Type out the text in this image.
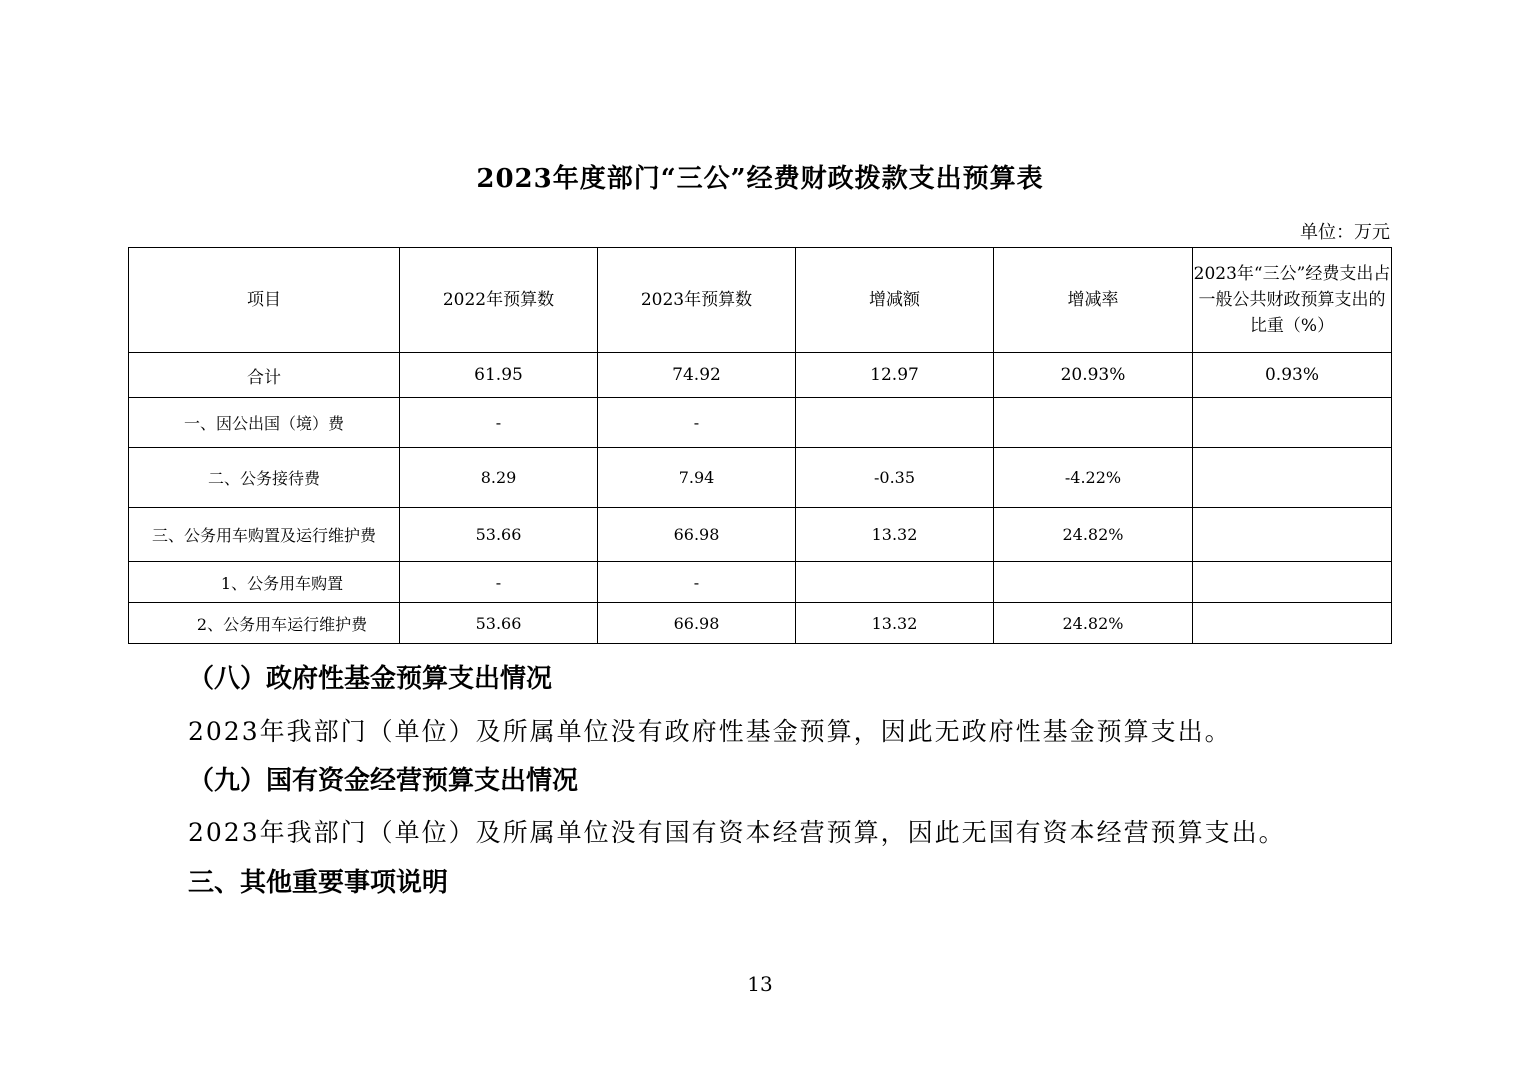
2023年度部门“三公”经费财政拨款支出预算表
单位：万元
项目	2022年预算数	2023年预算数	增减额	增减率	2023年“三公”经费支出占一般公共财政预算支出的比重（%）
合计	61.95	74.92	12.97	20.93%	0.93%
一、因公出国（境）费	-	-			
二、公务接待费	8.29	7.94	-0.35	-4.22%	
三、公务用车购置及运行维护费	53.66	66.98	13.32	24.82%	
1、公务用车购置	-	-			
2、公务用车运行维护费	53.66	66.98	13.32	24.82%	
（八）政府性基金预算支出情况
2023年我部门（单位）及所属单位没有政府性基金预算，因此无政府性基金预算支出。
（九）国有资金经营预算支出情况
2023年我部门（单位）及所属单位没有国有资本经营预算，因此无国有资本经营预算支出。
三、其他重要事项说明
13
